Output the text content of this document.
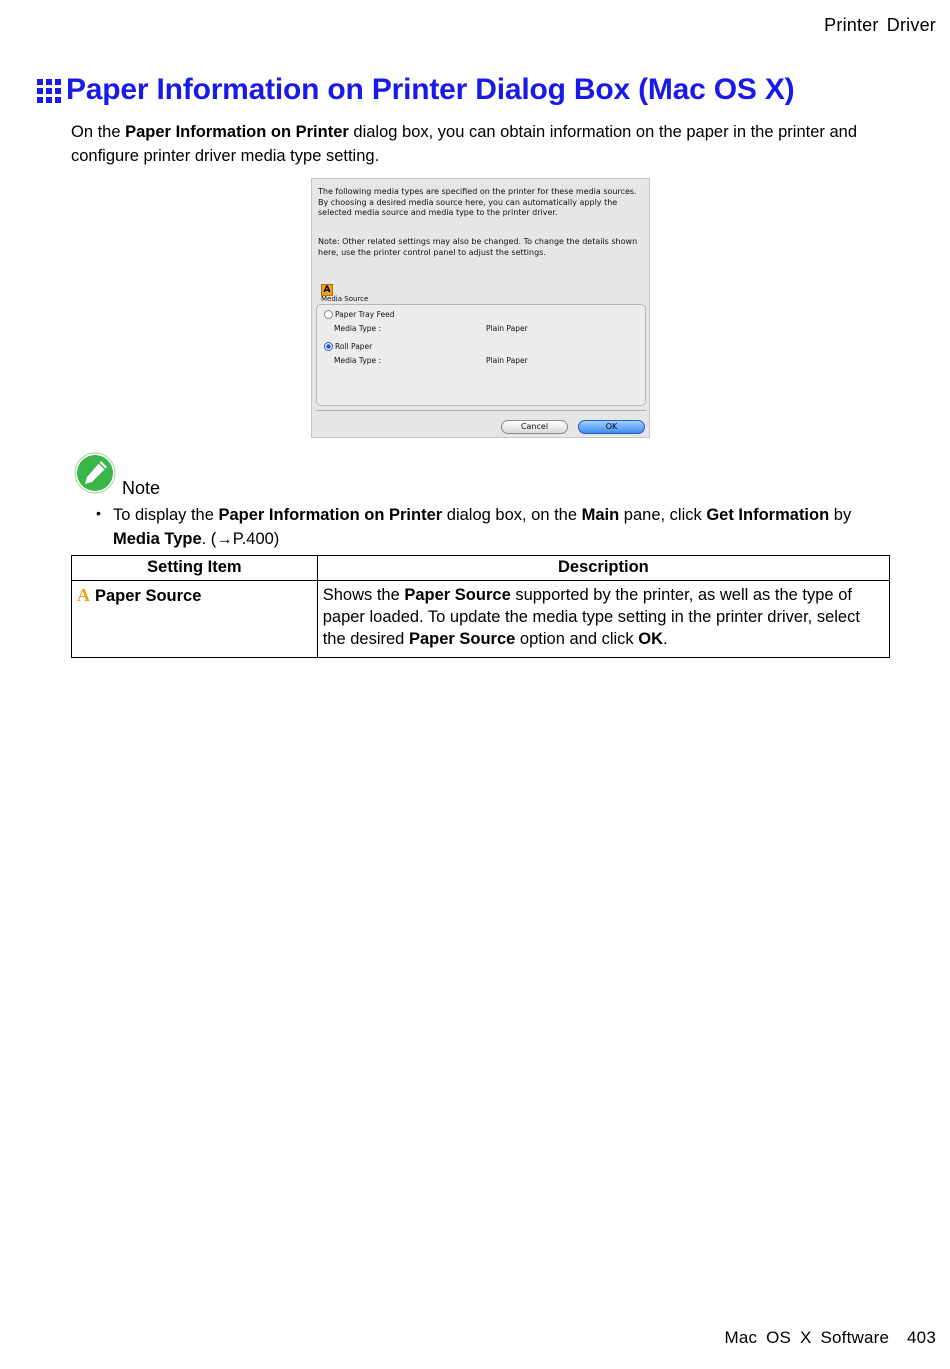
Printer Driver
Paper Information on Printer Dialog Box (Mac OS X)
On the Paper Information on Printer dialog box, you can obtain information on the paper in the printer and configure printer driver media type setting.
The following media types are specified on the printer for these media sources. By choosing a desired media source here, you can automatically apply the selected media source and media type to the printer driver.
Note: Other related settings may also be changed. To change the details shown here, use the printer control panel to adjust the settings.
A
Media Source
Paper Tray Feed
Media Type :	Plain Paper
Roll Paper
Media Type :	Plain Paper
Cancel	OK
Note
• To display the Paper Information on Printer dialog box, on the Main pane, click Get Information by Media Type. (→P.400)
Setting Item	Description
A Paper Source	Shows the Paper Source supported by the printer, as well as the type of paper loaded. To update the media type setting in the printer driver, select the desired Paper Source option and click OK.
Mac OS X Software 403
